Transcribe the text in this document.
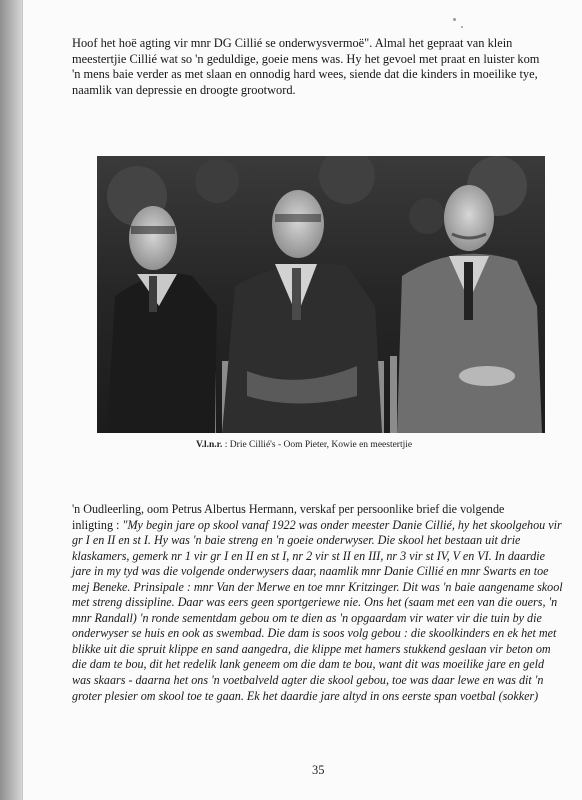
Hoof het hoë agting vir mnr DG Cillié se onderwysvermoë". Almal het gepraat van klein

meestertjie Cillié wat so 'n geduldige, goeie mens was. Hy het gevoel met praat en luister kom

'n mens baie verder as met slaan en onnodig hard wees, siende dat die kinders in moeilike tye,

naamlik van depressie en droogte grootword.

V.l.n.r. : Drie Cillié's - Oom Pieter, Kowie en meestertjie

'n Oudleerling, oom Petrus Albertus Hermann, verskaf per persoonlike brief die volgende

inligting : "My begin jare op skool vanaf 1922 was onder meester Danie Cillié, hy het skoolgehou vir

gr I en II en st I. Hy was 'n baie streng en 'n goeie onderwyser. Die skool het bestaan uit drie

klaskamers, gemerk nr 1 vir gr I en II en st I, nr 2 vir st II en III, nr 3 vir st IV, V en VI. In daardie

jare in my tyd was die volgende onderwysers daar, naamlik mnr Danie Cillié en mnr Swarts en toe

mej Beneke. Prinsipale : mnr Van der Merwe en toe mnr Kritzinger. Dit was 'n baie aangename skool

met streng dissipline. Daar was eers geen sportgeriewe nie. Ons het (saam met een van die ouers, 'n

mnr Randall) 'n ronde sementdam gebou om te dien as 'n opgaardam vir water vir die tuin by die

onderwyser se huis en ook as swembad. Die dam is soos volg gebou : die skoolkinders en ek het met

blikke uit die spruit klippe en sand aangedra, die klippe met hamers stukkend geslaan vir beton om

die dam te bou, dit het redelik lank geneem om die dam te bou, want dit was moeilike jare en geld

was skaars - daarna het ons 'n voetbalveld agter die skool gebou, toe was daar lewe en was dit 'n

groter plesier om skool toe te gaan. Ek het daardie jare altyd in ons eerste span voetbal (sokker)

35
